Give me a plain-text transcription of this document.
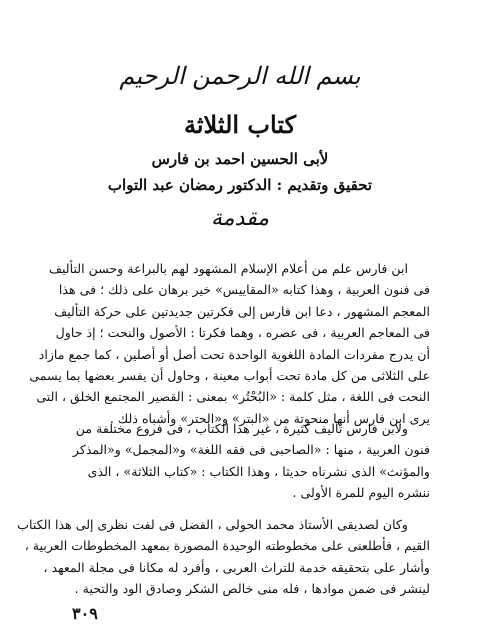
بسم الله الرحمن الرحيم
كتاب الثلاثة
لأبى الحسين احمد بن فارس
تحقيق وتقديم : الدكتور رمضان عبد التواب
مقدمة
ابن فارس علم من أعلام الإسلام المشهود لهم بالبراعة وحسن التأليف
فى فنون العربية ، وهذا كتابه «المقاييس» خير برهان على ذلك ؛ فى هذا
المعجم المشهور ، دعا ابن فارس إلى فكرتين جديدتين على حركة التأليف
فى المعاجم العربية ، فى عصره ، وهما فكرتا : الأصول والنحت ؛ إذ حاول
أن يدرج مفردات المادة اللغوية الواحدة تحت أصل أو أصلين ، كما جمع مازاد
على الثلاثى من كل مادة تحت أبواب معينة ، وحاول أن يفسر بعضها بما يسمى
النحت فى اللغة ، مثل كلمة : «البُحْتُر» بمعنى : القصير المجتمع الخلق ، التى
يرى ابن فارس أنها منحوتة من «البتر» و«الحتر» وأشباه ذلك .
ولابن فارس تآليف كثيرة ، غير هذا الكتاب ، فى فروع مختلفة من
فنون العربية ، منها : «الصاحبى فى فقه اللغة» و«المجمل» و«المذكر
والمؤنث» الذى نشرناه حديثا ، وهذا الكتاب : «كتاب الثلاثة» ، الذى
ننشره اليوم للمرة الأولى .
وكان لصديقى الأستاذ محمد الحولى ، الفضل فى لفت نظرى إلى هذا الكتاب
القيم ، فأطلعنى على مخطوطته الوحيدة المصورة بمعهد المخطوطات العربية ،
وأشار على بتحقيقه خدمة للتراث العربى ، وأفرد له مكانا فى مجلة المعهد ،
لينشر فى ضمن موادها ، فله منى خالص الشكر وصادق الود والتحية .
٣٠٩
